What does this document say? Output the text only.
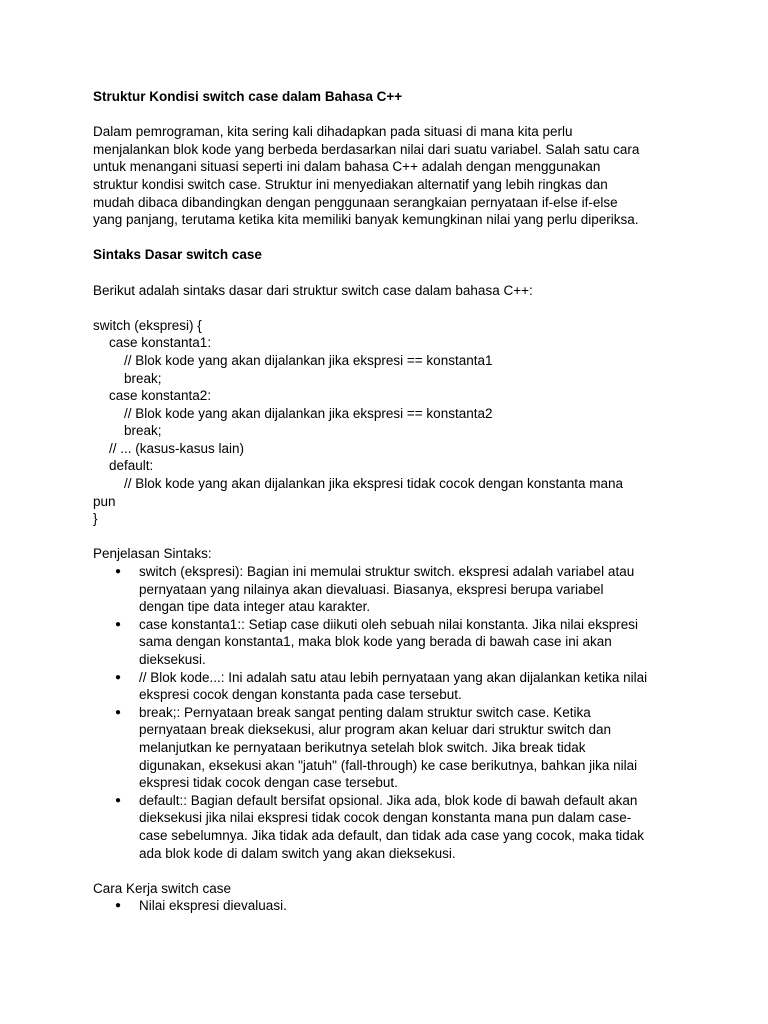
Struktur Kondisi switch case dalam Bahasa C++
Dalam pemrograman, kita sering kali dihadapkan pada situasi di mana kita perlu
menjalankan blok kode yang berbeda berdasarkan nilai dari suatu variabel. Salah satu cara
untuk menangani situasi seperti ini dalam bahasa C++ adalah dengan menggunakan
struktur kondisi switch case. Struktur ini menyediakan alternatif yang lebih ringkas dan
mudah dibaca dibandingkan dengan penggunaan serangkaian pernyataan if-else if-else
yang panjang, terutama ketika kita memiliki banyak kemungkinan nilai yang perlu diperiksa.
Sintaks Dasar switch case
Berikut adalah sintaks dasar dari struktur switch case dalam bahasa C++:
switch (ekspresi) {
case konstanta1:
// Blok kode yang akan dijalankan jika ekspresi == konstanta1
break;
case konstanta2:
// Blok kode yang akan dijalankan jika ekspresi == konstanta2
break;
// ... (kasus-kasus lain)
default:
// Blok kode yang akan dijalankan jika ekspresi tidak cocok dengan konstanta mana
pun
}
Penjelasan Sintaks:
● switch (ekspresi): Bagian ini memulai struktur switch. ekspresi adalah variabel atau
pernyataan yang nilainya akan dievaluasi. Biasanya, ekspresi berupa variabel
dengan tipe data integer atau karakter.
● case konstanta1:: Setiap case diikuti oleh sebuah nilai konstanta. Jika nilai ekspresi
sama dengan konstanta1, maka blok kode yang berada di bawah case ini akan
dieksekusi.
● // Blok kode...: Ini adalah satu atau lebih pernyataan yang akan dijalankan ketika nilai
ekspresi cocok dengan konstanta pada case tersebut.
● break;: Pernyataan break sangat penting dalam struktur switch case. Ketika
pernyataan break dieksekusi, alur program akan keluar dari struktur switch dan
melanjutkan ke pernyataan berikutnya setelah blok switch. Jika break tidak
digunakan, eksekusi akan "jatuh" (fall-through) ke case berikutnya, bahkan jika nilai
ekspresi tidak cocok dengan case tersebut.
● default:: Bagian default bersifat opsional. Jika ada, blok kode di bawah default akan
dieksekusi jika nilai ekspresi tidak cocok dengan konstanta mana pun dalam case-
case sebelumnya. Jika tidak ada default, dan tidak ada case yang cocok, maka tidak
ada blok kode di dalam switch yang akan dieksekusi.
Cara Kerja switch case
● Nilai ekspresi dievaluasi.
